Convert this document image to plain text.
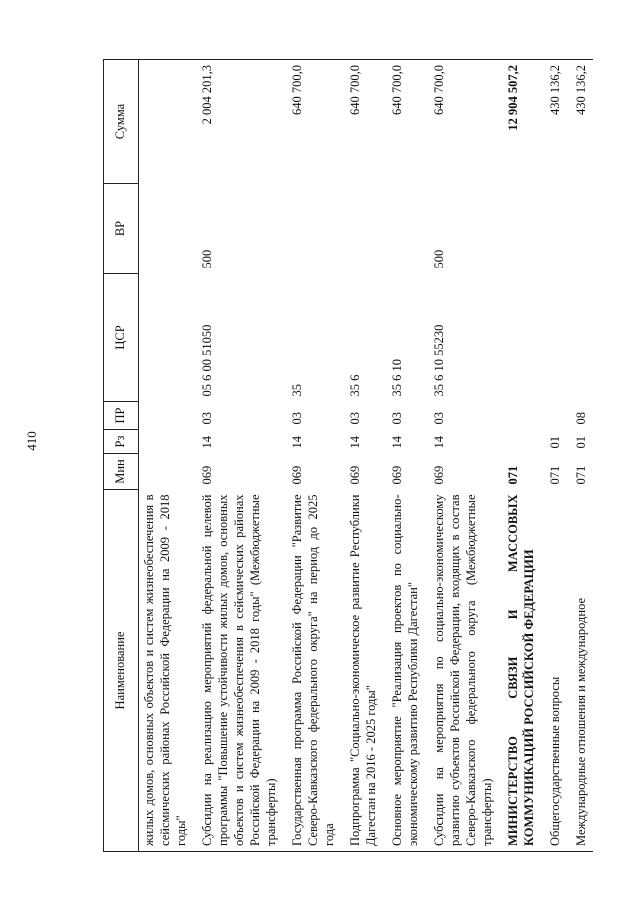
410
Наименование	Мин	Рз	ПР	ЦСР	ВР	Сумма
жилых домов, основных объектов и систем жизнеобеспечения в сейсмических районах Российской Федерации на 2009 - 2018 годы"						
Субсидии на реализацию мероприятий федеральной целевой программы "Повышение устойчивости жилых домов, основных объектов и систем жизнеобеспечения в сейсмических районах Российской Федерации на 2009 - 2018 годы" (Межбюджетные трансферты)	069	14	03	05 6 00 51050	500	2 004 201,3
Государственная программа Российской Федерации "Развитие Северо-Кавказского федерального округа" на период до 2025 года	069	14	03	35		640 700,0
Подпрограмма "Социально-экономическое развитие Республики Дагестан на 2016 - 2025 годы"	069	14	03	35 6		640 700,0
Основное мероприятие "Реализация проектов по социально-экономическому развитию Республики Дагестан"	069	14	03	35 6 10		640 700,0
Субсидии на мероприятия по социально-экономическому развитию субъектов Российской Федерации, входящих в состав Северо-Кавказского федерального округа (Межбюджетные трансферты)	069	14	03	35 6 10 55230	500	640 700,0
МИНИСТЕРСТВО СВЯЗИ И МАССОВЫХ КОММУНИКАЦИЙ РОССИЙСКОЙ ФЕДЕРАЦИИ	071					12 904 507,2
Общегосударственные вопросы	071	01				430 136,2
Международные отношения и международное	071	01	08			430 136,2
